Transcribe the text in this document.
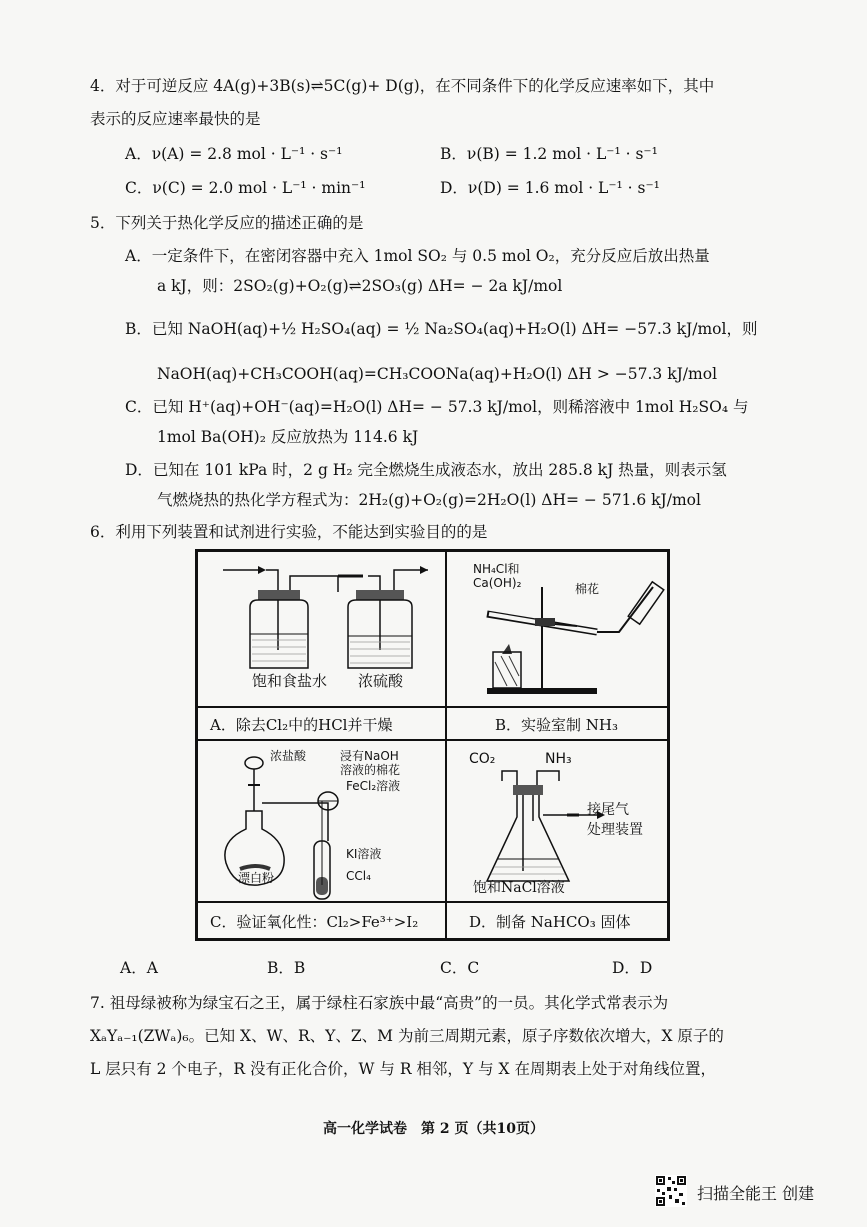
4．对于可逆反应 4A(g)+3B(s)⇌5C(g)+ D(g)，在不同条件下的化学反应速率如下，其中
表示的反应速率最快的是
A．ν(A) = 2.8 mol · L⁻¹ · s⁻¹	B．ν(B) = 1.2 mol · L⁻¹ · s⁻¹
C．ν(C) = 2.0 mol · L⁻¹ · min⁻¹	D．ν(D) = 1.6 mol · L⁻¹ · s⁻¹
5．下列关于热化学反应的描述正确的是
A．一定条件下，在密闭容器中充入 1mol SO₂ 与 0.5 mol O₂，充分反应后放出热量
a kJ，则：2SO₂(g)+O₂(g)⇌2SO₃(g) ΔH= − 2a kJ/mol
B．已知 NaOH(aq)+½ H₂SO₄(aq) = ½ Na₂SO₄(aq)+H₂O(l) ΔH= −57.3 kJ/mol，则
NaOH(aq)+CH₃COOH(aq)=CH₃COONa(aq)+H₂O(l) ΔH > −57.3 kJ/mol
C．已知 H⁺(aq)+OH⁻(aq)=H₂O(l) ΔH= − 57.3 kJ/mol，则稀溶液中 1mol H₂SO₄ 与
1mol Ba(OH)₂ 反应放热为 114.6 kJ
D．已知在 101 kPa 时，2 g H₂ 完全燃烧生成液态水，放出 285.8 kJ 热量，则表示氢
气燃烧热的热化学方程式为：2H₂(g)+O₂(g)=2H₂O(l) ΔH= − 571.6 kJ/mol
6．利用下列装置和试剂进行实验，不能达到实验目的的是
饱和食盐水 浓硫酸
A．除去Cl₂中的HCl并干燥
NH₄Cl和
Ca(OH)₂	棉花
B．实验室制 NH₃
浓盐酸	浸有NaOH
溶液的棉花
FeCl₂溶液
KI溶液
CCl₄
漂白粉
C．验证氧化性：Cl₂>Fe³⁺>I₂
CO₂	NH₃
接尾气
处理装置
饱和NaCl溶液
D．制备 NaHCO₃ 固体
A．A	B．B	C．C	D．D
7. 祖母绿被称为绿宝石之王，属于绿柱石家族中最“高贵”的一员。其化学式常表示为
XₐYₐ₋₁(ZWₐ)₆。已知 X、W、R、Y、Z、M 为前三周期元素，原子序数依次增大，X 原子的
L 层只有 2 个电子，R 没有正化合价，W 与 R 相邻，Y 与 X 在周期表上处于对角线位置，
高一化学试卷　第 2 页（共10页）
扫描全能王 创建
